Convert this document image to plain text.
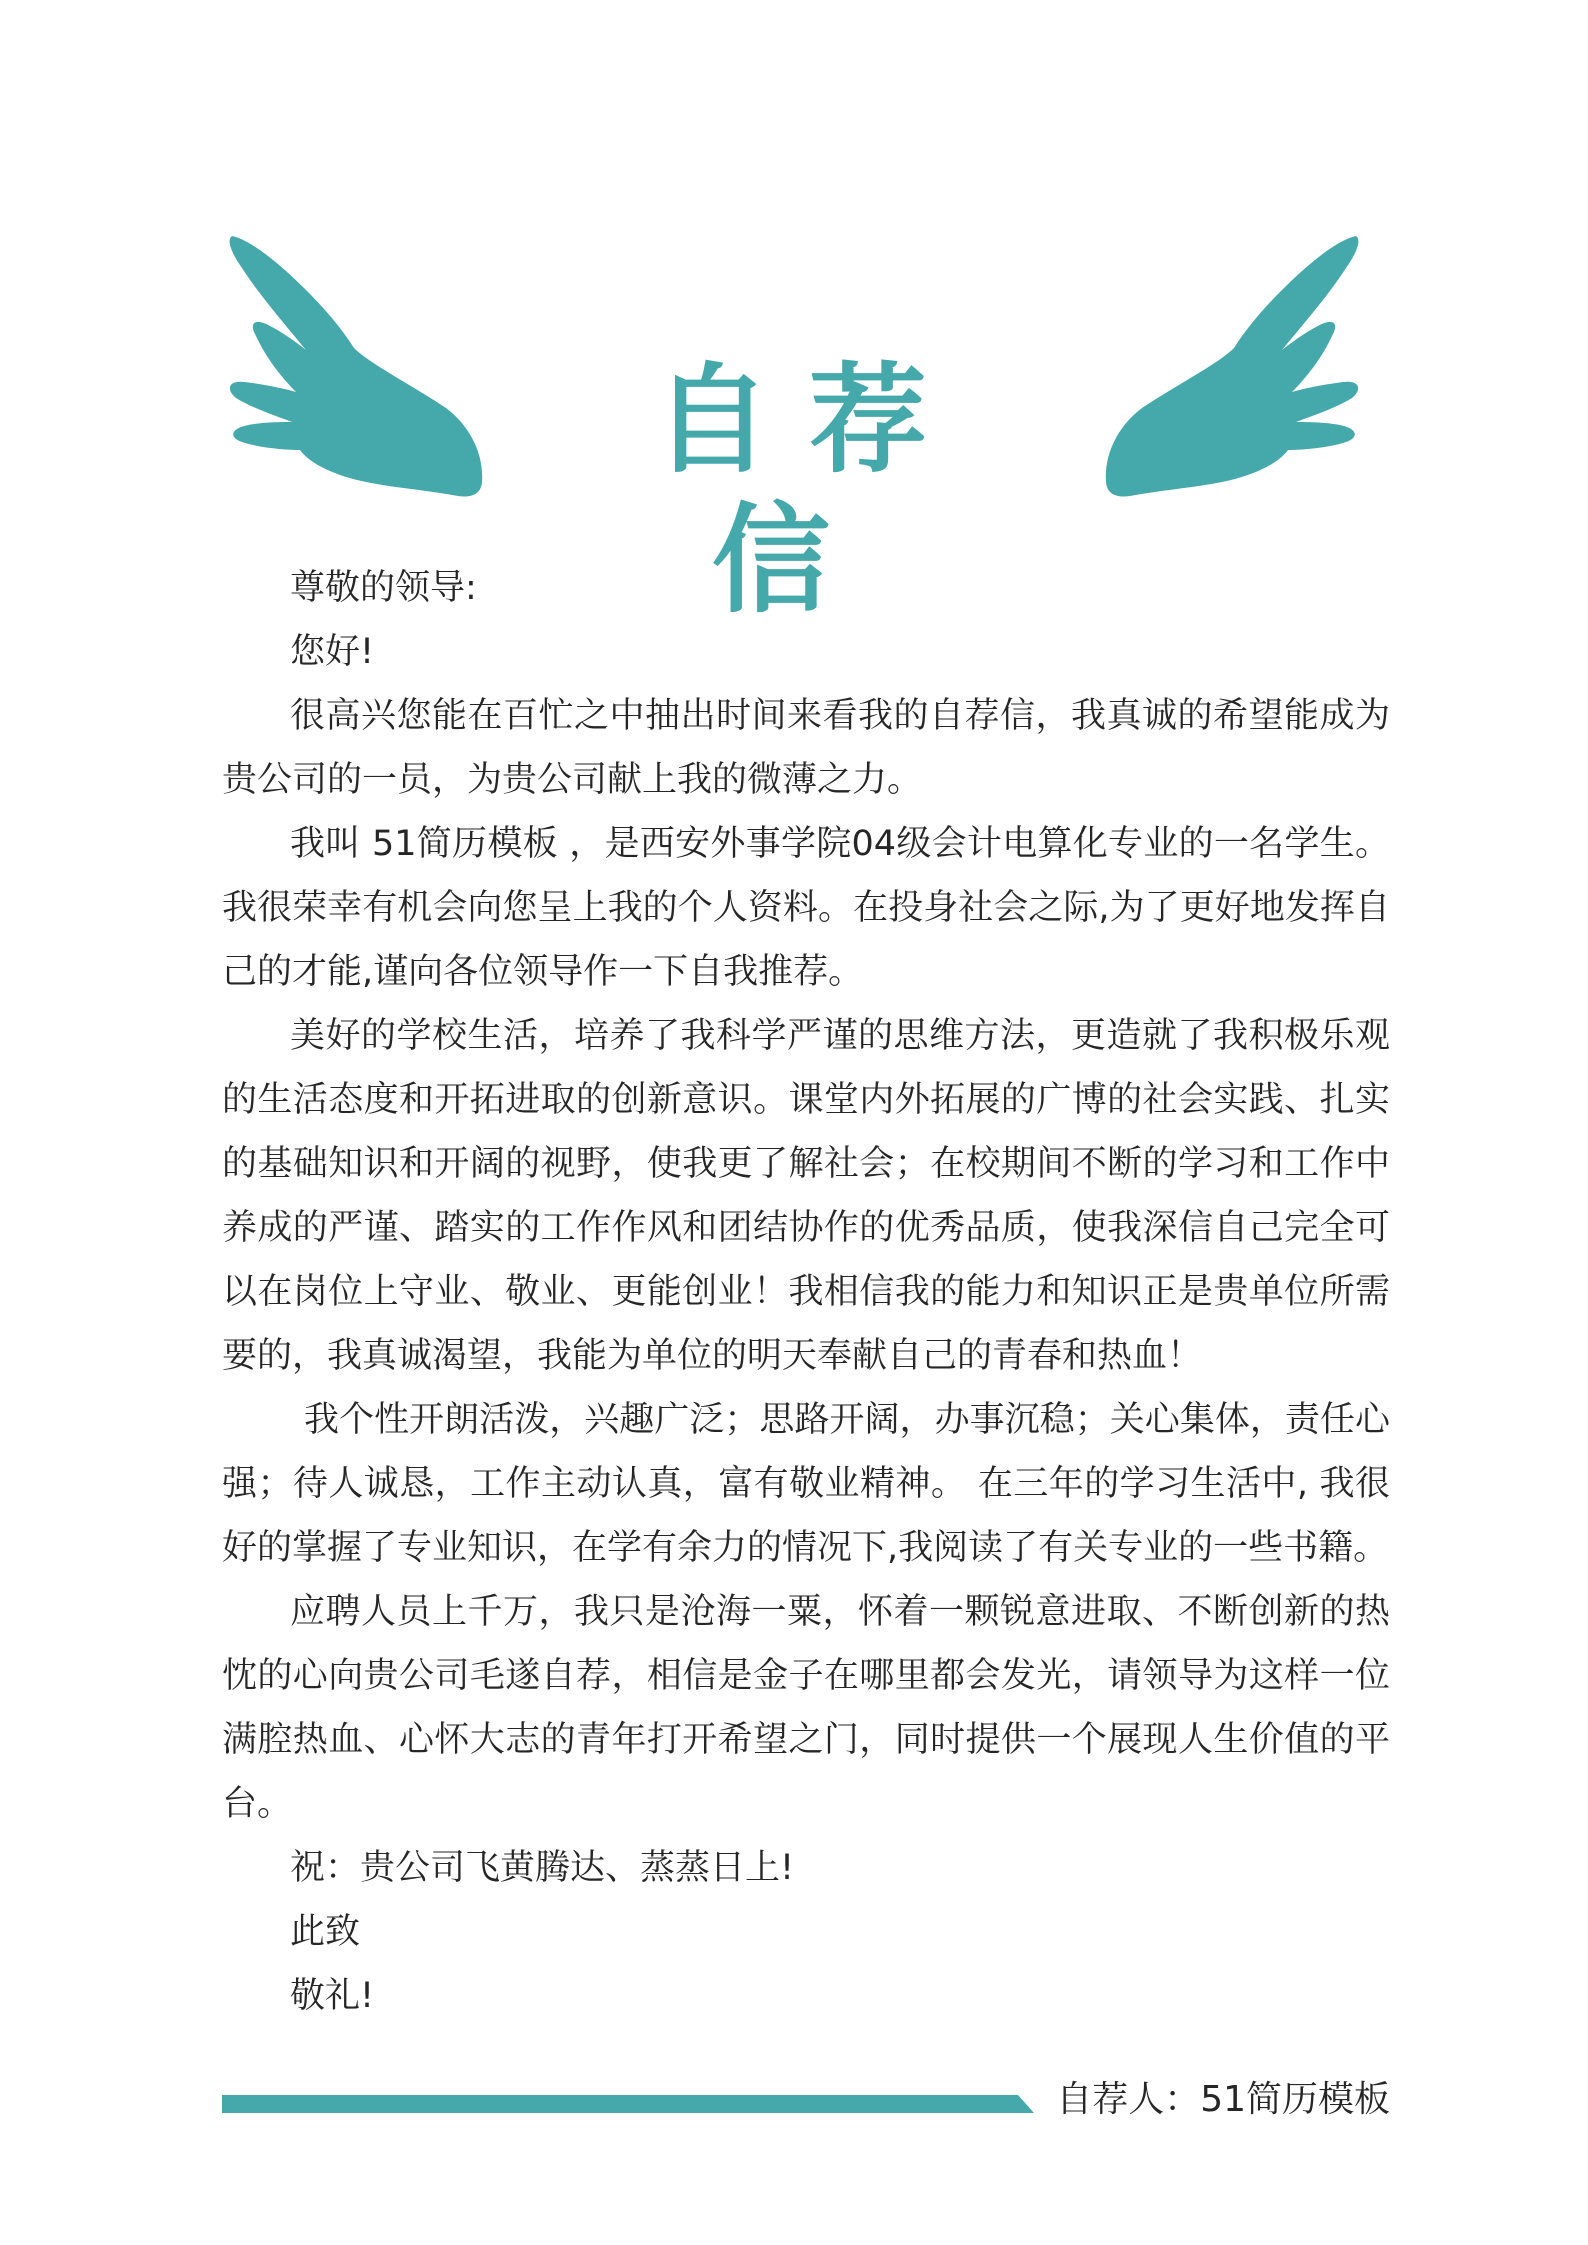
自荐信

尊敬的领导:

您好!

很高兴您能在百忙之中抽出时间来看我的自荐信，我真诚的希望能成为贵公司的一员，为贵公司献上我的微薄之力。

我叫 51简历模板 ，是西安外事学院04级会计电算化专业的一名学生。我很荣幸有机会向您呈上我的个人资料。在投身社会之际,为了更好地发挥自己的才能,谨向各位领导作一下自我推荐。

美好的学校生活，培养了我科学严谨的思维方法，更造就了我积极乐观的生活态度和开拓进取的创新意识。课堂内外拓展的广博的社会实践、扎实的基础知识和开阔的视野，使我更了解社会；在校期间不断的学习和工作中养成的严谨、踏实的工作作风和团结协作的优秀品质，使我深信自己完全可以在岗位上守业、敬业、更能创业！我相信我的能力和知识正是贵单位所需要的，我真诚渴望，我能为单位的明天奉献自己的青春和热血！

我个性开朗活泼，兴趣广泛；思路开阔，办事沉稳；关心集体，责任心强；待人诚恳，工作主动认真，富有敬业精神。 在三年的学习生活中, 我很好的掌握了专业知识，在学有余力的情况下,我阅读了有关专业的一些书籍。

应聘人员上千万，我只是沧海一粟，怀着一颗锐意进取、不断创新的热忱的心向贵公司毛遂自荐，相信是金子在哪里都会发光，请领导为这样一位满腔热血、心怀大志的青年打开希望之门，同时提供一个展现人生价值的平台。

祝：贵公司飞黄腾达、蒸蒸日上!

此致

敬礼!

自荐人：51简历模板
